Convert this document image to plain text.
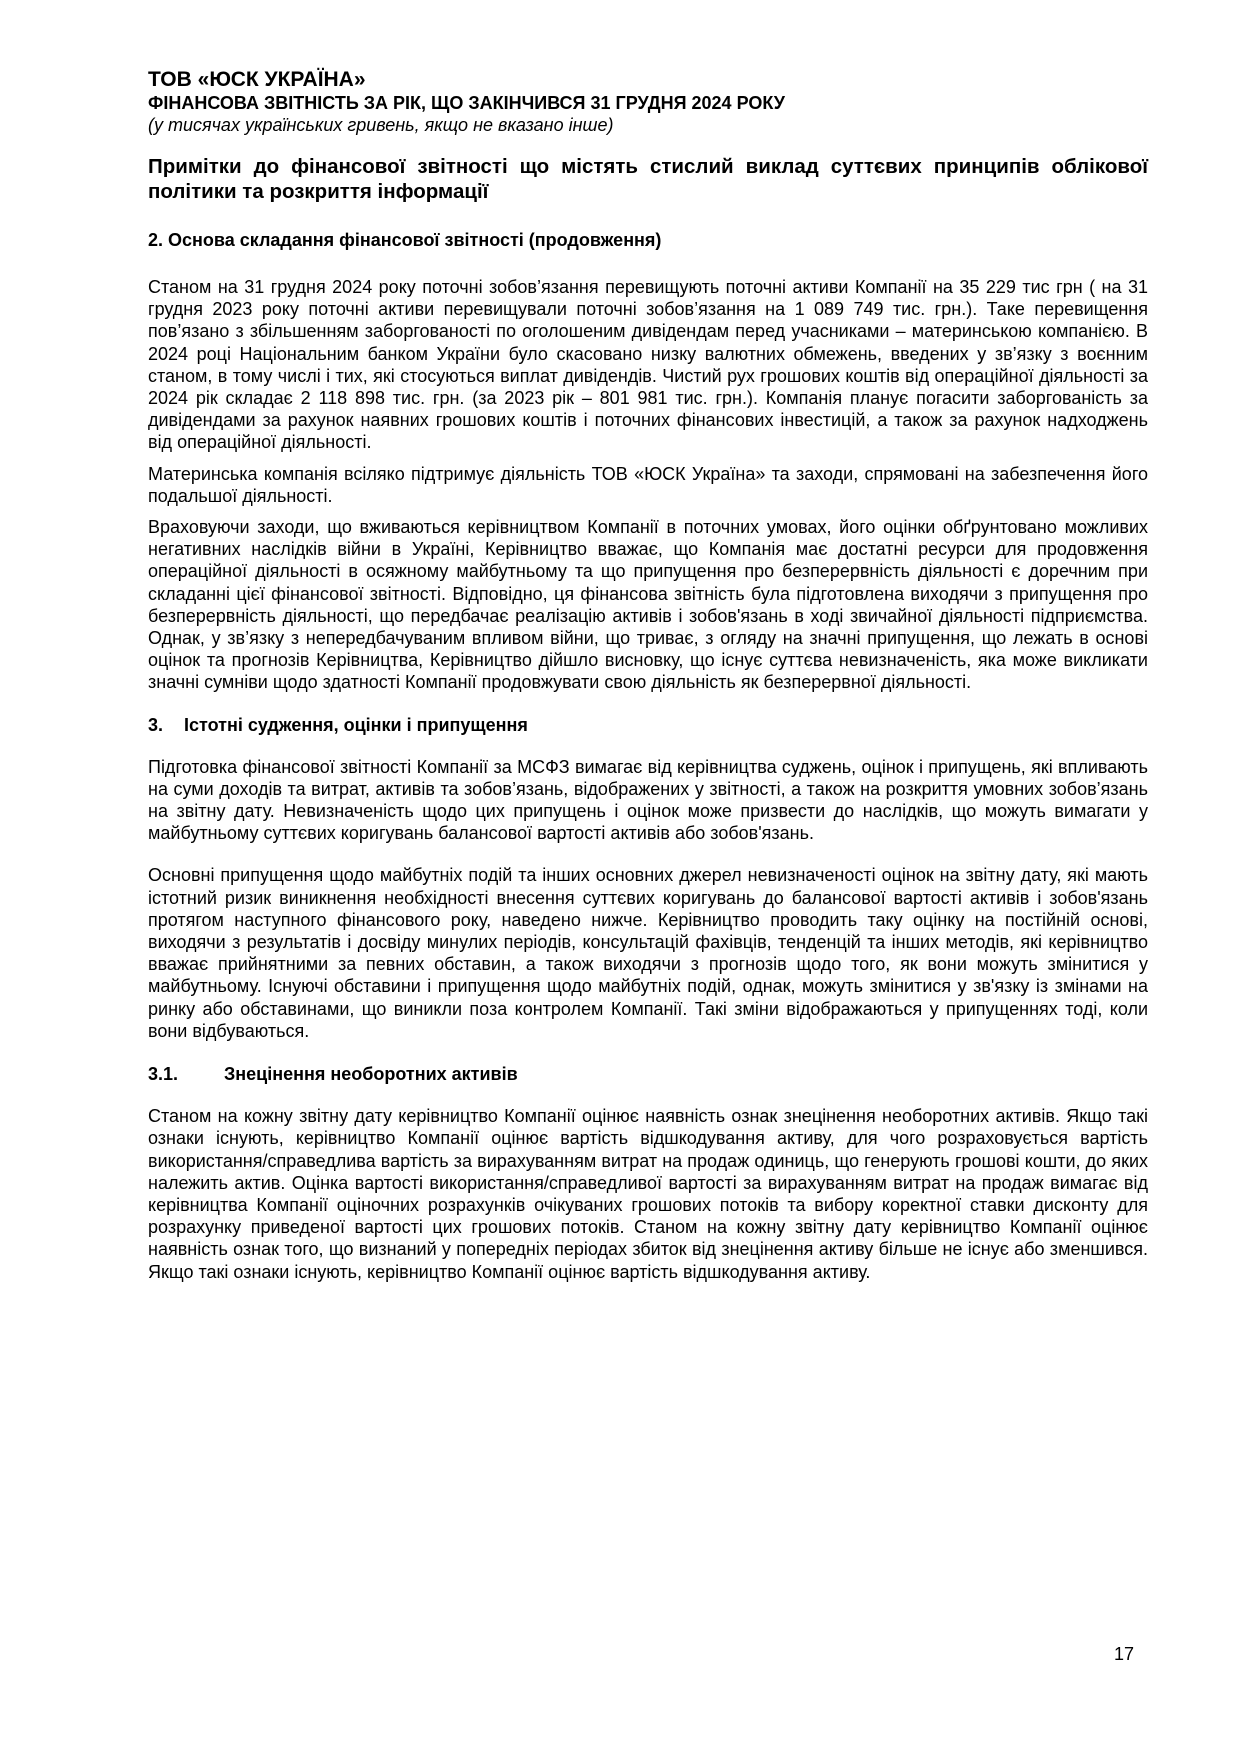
ТОВ «ЮСК УКРАЇНА»

ФІНАНСОВА ЗВІТНІСТЬ ЗА РІК, ЩО ЗАКІНЧИВСЯ 31 ГРУДНЯ 2024 РОКУ

(у тисячах українських гривень, якщо не вказано інше)

Примітки до фінансової звітності що містять стислий виклад суттєвих принципів облікової політики та розкриття інформації

2. Основа складання фінансової звітності (продовження)

Станом на 31 грудня 2024 року поточні зобов’язання перевищують поточні активи Компанії на 35 229 тис грн ( на 31 грудня 2023 року поточні активи перевищували поточні зобов’язання на 1 089 749 тис. грн.). Таке перевищення пов’язано з збільшенням заборгованості по оголошеним дивідендам перед учасниками – материнською компанією. В 2024 році Національним банком України було скасовано низку валютних обмежень, введених у зв’язку з воєнним станом, в тому числі і тих, які стосуються виплат дивідендів. Чистий рух грошових коштів від операційної діяльності за 2024 рік складає 2 118 898 тис. грн. (за 2023 рік – 801 981 тис. грн.). Компанія планує погасити заборгованість за дивідендами за рахунок наявних грошових коштів і поточних фінансових інвестицій, а також за рахунок надходжень від операційної діяльності.

Материнська компанія всіляко підтримує діяльність ТОВ «ЮСК Україна» та заходи, спрямовані на забезпечення його подальшої діяльності.

Враховуючи заходи, що вживаються керівництвом Компанії в поточних умовах, його оцінки обґрунтовано можливих негативних наслідків війни в Україні, Керівництво вважає, що Компанія має достатні ресурси для продовження операційної діяльності в осяжному майбутньому та що припущення про безперервність діяльності є доречним при складанні цієї фінансової звітності. Відповідно, ця фінансова звітність була підготовлена виходячи з припущення про безперервність діяльності, що передбачає реалізацію активів і зобов'язань в ході звичайної діяльності підприємства. Однак, у зв’язку з непередбачуваним впливом війни, що триває, з огляду на значні припущення, що лежать в основі оцінок та прогнозів Керівництва, Керівництво дійшло висновку, що існує суттєва невизначеність, яка може викликати значні сумніви щодо здатності Компанії продовжувати свою діяльність як безперервної діяльності.

3. Істотні судження, оцінки і припущення

Підготовка фінансової звітності Компанії за МСФЗ вимагає від керівництва суджень, оцінок і припущень, які впливають на суми доходів та витрат, активів та зобов’язань, відображених у звітності, а також на розкриття умовних зобов’язань на звітну дату. Невизначеність щодо цих припущень і оцінок може призвести до наслідків, що можуть вимагати у майбутньому суттєвих коригувань балансової вартості активів або зобов'язань.

Основні припущення щодо майбутніх подій та інших основних джерел невизначеності оцінок на звітну дату, які мають істотний ризик виникнення необхідності внесення суттєвих коригувань до балансової вартості активів і зобов'язань протягом наступного фінансового року, наведено нижче. Керівництво проводить таку оцінку на постійній основі, виходячи з результатів і досвіду минулих періодів, консультацій фахівців, тенденцій та інших методів, які керівництво вважає прийнятними за певних обставин, а також виходячи з прогнозів щодо того, як вони можуть змінитися у майбутньому. Існуючі обставини і припущення щодо майбутніх подій, однак, можуть змінитися у зв'язку із змінами на ринку або обставинами, що виникли поза контролем Компанії. Такі зміни відображаються у припущеннях тоді, коли вони відбуваються.

3.1.	Знецінення необоротних активів

Станом на кожну звітну дату керівництво Компанії оцінює наявність ознак знецінення необоротних активів. Якщо такі ознаки існують, керівництво Компанії оцінює вартість відшкодування активу, для чого розраховується вартість використання/справедлива вартість за вирахуванням витрат на продаж одиниць, що генерують грошові кошти, до яких належить актив. Оцінка вартості використання/справедливої вартості за вирахуванням витрат на продаж вимагає від керівництва Компанії оціночних розрахунків очікуваних грошових потоків та вибору коректної ставки дисконту для розрахунку приведеної вартості цих грошових потоків. Станом на кожну звітну дату керівництво Компанії оцінює наявність ознак того, що визнаний у попередніх періодах збиток від знецінення активу більше не існує або зменшився. Якщо такі ознаки існують, керівництво Компанії оцінює вартість відшкодування активу.

17
